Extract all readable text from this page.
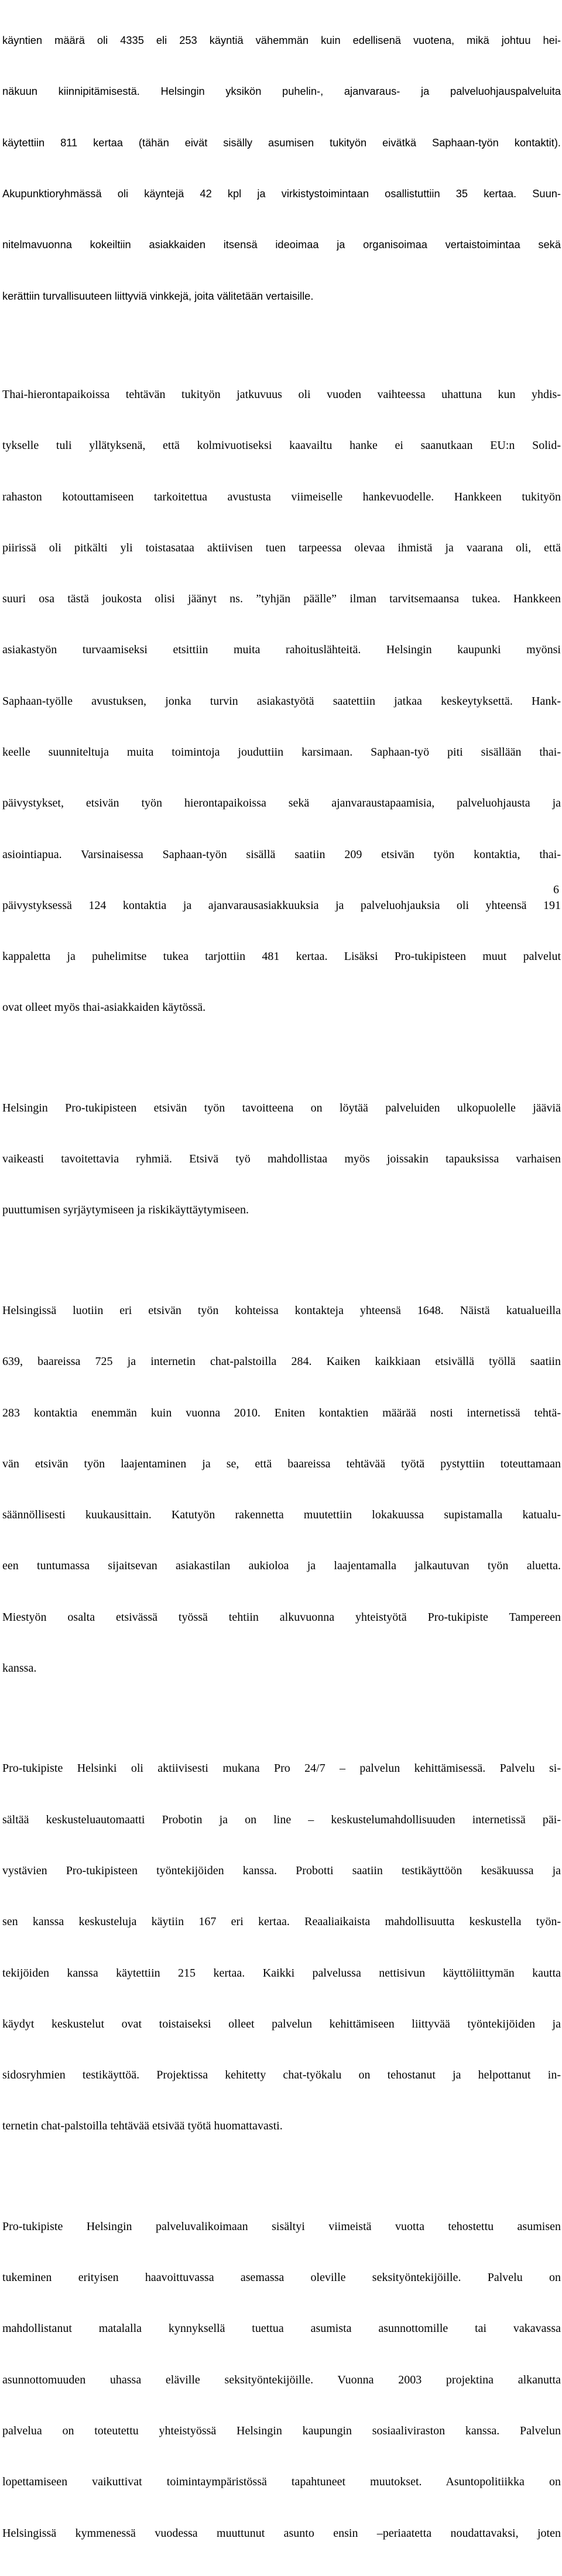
käyntien määrä oli 4335 eli 253 käyntiä vähemmän kuin edellisenä vuotena, mikä johtuu hei-

näkuun kiinnipitämisestä. Helsingin yksikön puhelin-, ajanvaraus- ja palveluohjauspalveluita

käytettiin 811 kertaa (tähän eivät sisälly asumisen tukityön eivätkä Saphaan-työn kontaktit).

Akupunktioryhmässä oli käyntejä 42 kpl ja virkistystoimintaan osallistuttiin 35 kertaa. Suun-

nitelmavuonna kokeiltiin asiakkaiden itsensä ideoimaa ja organisoimaa vertaistoimintaa sekä

kerättiin turvallisuuteen liittyviä vinkkejä, joita välitetään vertaisille.

Thai-hierontapaikoissa tehtävän tukityön jatkuvuus oli vuoden vaihteessa uhattuna kun yhdis-

tykselle tuli yllätyksenä, että kolmivuotiseksi kaavailtu hanke ei saanutkaan EU:n Solid-

rahaston kotouttamiseen tarkoitettua avustusta viimeiselle hankevuodelle. Hankkeen tukityön

piirissä oli pitkälti yli toistasataa aktiivisen tuen tarpeessa olevaa ihmistä ja vaarana oli, että

suuri osa tästä joukosta olisi jäänyt ns. ”tyhjän päälle” ilman tarvitsemaansa tukea. Hankkeen

asiakastyön turvaamiseksi etsittiin muita rahoituslähteitä. Helsingin kaupunki myönsi

Saphaan-työlle avustuksen, jonka turvin asiakastyötä saatettiin jatkaa keskeytyksettä. Hank-

keelle suunniteltuja muita toimintoja jouduttiin karsimaan. Saphaan-työ piti sisällään thai-

päivystykset, etsivän työn hierontapaikoissa sekä ajanvaraustapaamisia, palveluohjausta ja

asiointiapua. Varsinaisessa Saphaan-työn sisällä saatiin 209 etsivän työn kontaktia, thai-

päivystyksessä 124 kontaktia ja ajanvarausasiakkuuksia ja palveluohjauksia oli yhteensä 191

kappaletta ja puhelimitse tukea tarjottiin 481 kertaa. Lisäksi Pro-tukipisteen muut palvelut

ovat olleet myös thai-asiakkaiden käytössä.

Helsingin Pro-tukipisteen etsivän työn tavoitteena on löytää palveluiden ulkopuolelle jääviä

vaikeasti tavoitettavia ryhmiä. Etsivä työ mahdollistaa myös joissakin tapauksissa varhaisen

puuttumisen syrjäytymiseen ja riskikäyttäytymiseen.

Helsingissä luotiin eri etsivän työn kohteissa kontakteja yhteensä 1648. Näistä katualueilla

639, baareissa 725 ja internetin chat-palstoilla 284. Kaiken kaikkiaan etsivällä työllä saatiin

283 kontaktia enemmän kuin vuonna 2010. Eniten kontaktien määrää nosti internetissä tehtä-

vän etsivän työn laajentaminen ja se, että baareissa tehtävää työtä pystyttiin toteuttamaan

säännöllisesti kuukausittain. Katutyön rakennetta muutettiin lokakuussa supistamalla katualu-

een tuntumassa sijaitsevan asiakastilan aukioloa ja laajentamalla jalkautuvan työn aluetta.

Miestyön osalta etsivässä työssä tehtiin alkuvuonna yhteistyötä Pro-tukipiste Tampereen

kanssa.

Pro-tukipiste Helsinki oli aktiivisesti mukana Pro 24/7 – palvelun kehittämisessä. Palvelu si-

sältää keskusteluautomaatti Probotin ja on line – keskustelumahdollisuuden internetissä päi-

vystävien Pro-tukipisteen työntekijöiden kanssa. Probotti saatiin testikäyttöön kesäkuussa ja

sen kanssa keskusteluja käytiin 167 eri kertaa. Reaaliaikaista mahdollisuutta keskustella työn-

tekijöiden kanssa käytettiin 215 kertaa. Kaikki palvelussa nettisivun käyttöliittymän kautta

käydyt keskustelut ovat toistaiseksi olleet palvelun kehittämiseen liittyvää työntekijöiden ja

sidosryhmien testikäyttöä. Projektissa kehitetty chat-työkalu on tehostanut ja helpottanut in-

ternetin chat-palstoilla tehtävää etsivää työtä huomattavasti.

Pro-tukipiste Helsingin palveluvalikoimaan sisältyi viimeistä vuotta tehostettu asumisen

tukeminen erityisen haavoittuvassa asemassa oleville seksityöntekijöille. Palvelu on

mahdollistanut matalalla kynnyksellä tuettua asumista asunnottomille tai vakavassa

asunnottomuuden uhassa eläville seksityöntekijöille. Vuonna 2003 projektina alkanutta

palvelua on toteutettu yhteistyössä Helsingin kaupungin sosiaaliviraston kanssa. Palvelun

lopettamiseen vaikuttivat toimintaympäristössä tapahtuneet muutokset. Asuntopolitiikka on

Helsingissä kymmenessä vuodessa muuttunut asunto ensin –periaatetta noudattavaksi, joten

6
